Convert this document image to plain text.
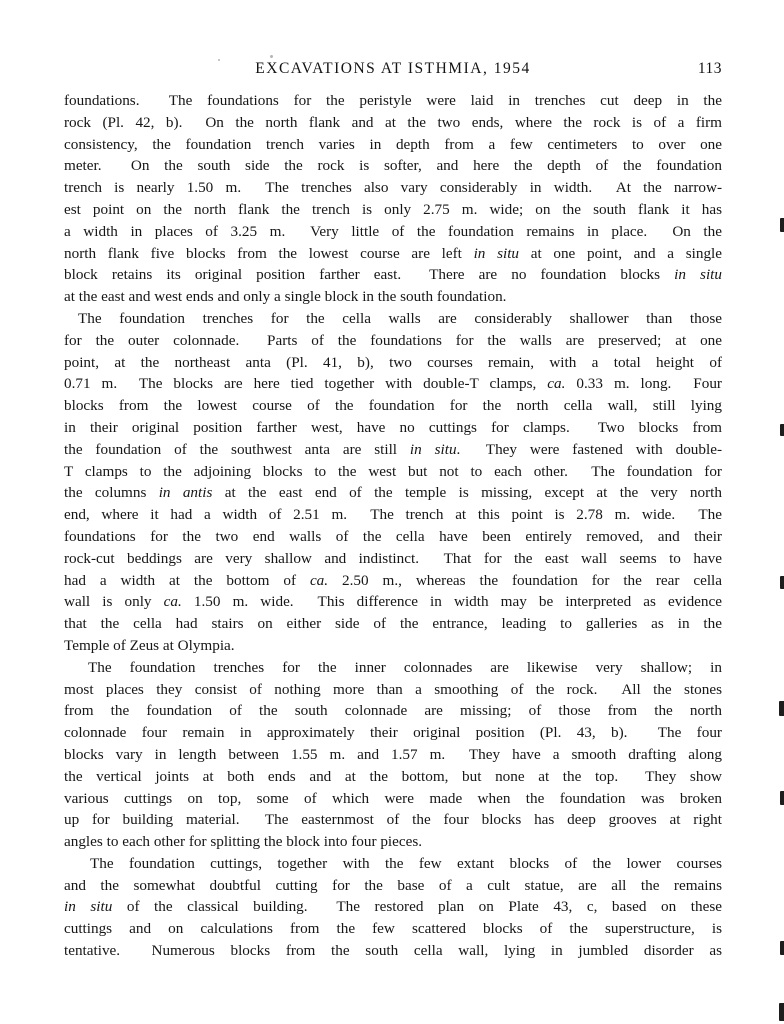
EXCAVATIONS AT ISTHMIA, 1954	113
foundations.  The foundations for the peristyle were laid in trenches cut deep in the
rock (Pl. 42, b).  On the north flank and at the two ends, where the rock is of a firm
consistency, the foundation trench varies in depth from a few centimeters to over one
meter.  On the south side the rock is softer, and here the depth of the foundation
trench is nearly 1.50 m.  The trenches also vary considerably in width.  At the narrow-
est point on the north flank the trench is only 2.75 m. wide; on the south flank it has
a width in places of 3.25 m.  Very little of the foundation remains in place.  On the
north flank five blocks from the lowest course are left in situ at one point, and a single
block retains its original position farther east.  There are no foundation blocks in situ
at the east and west ends and only a single block in the south foundation.
The foundation trenches for the cella walls are considerably shallower than those
for the outer colonnade.  Parts of the foundations for the walls are preserved; at one
point, at the northeast anta (Pl. 41, b), two courses remain, with a total height of
0.71 m.  The blocks are here tied together with double-T clamps, ca. 0.33 m. long.  Four
blocks from the lowest course of the foundation for the north cella wall, still lying
in their original position farther west, have no cuttings for clamps.  Two blocks from
the foundation of the southwest anta are still in situ.  They were fastened with double-
T clamps to the adjoining blocks to the west but not to each other.  The foundation for
the columns in antis at the east end of the temple is missing, except at the very north
end, where it had a width of 2.51 m.  The trench at this point is 2.78 m. wide.  The
foundations for the two end walls of the cella have been entirely removed, and their
rock-cut beddings are very shallow and indistinct.  That for the east wall seems to have
had a width at the bottom of ca. 2.50 m., whereas the foundation for the rear cella
wall is only ca. 1.50 m. wide.  This difference in width may be interpreted as evidence
that the cella had stairs on either side of the entrance, leading to galleries as in the
Temple of Zeus at Olympia.
The foundation trenches for the inner colonnades are likewise very shallow; in
most places they consist of nothing more than a smoothing of the rock.  All the stones
from the foundation of the south colonnade are missing; of those from the north
colonnade four remain in approximately their original position (Pl. 43, b).  The four
blocks vary in length between 1.55 m. and 1.57 m.  They have a smooth drafting along
the vertical joints at both ends and at the bottom, but none at the top.  They show
various cuttings on top, some of which were made when the foundation was broken
up for building material.  The easternmost of the four blocks has deep grooves at right
angles to each other for splitting the block into four pieces.
The foundation cuttings, together with the few extant blocks of the lower courses
and the somewhat doubtful cutting for the base of a cult statue, are all the remains
in situ of the classical building.  The restored plan on Plate 43, c, based on these
cuttings and on calculations from the few scattered blocks of the superstructure, is
tentative.  Numerous blocks from the south cella wall, lying in jumbled disorder as
